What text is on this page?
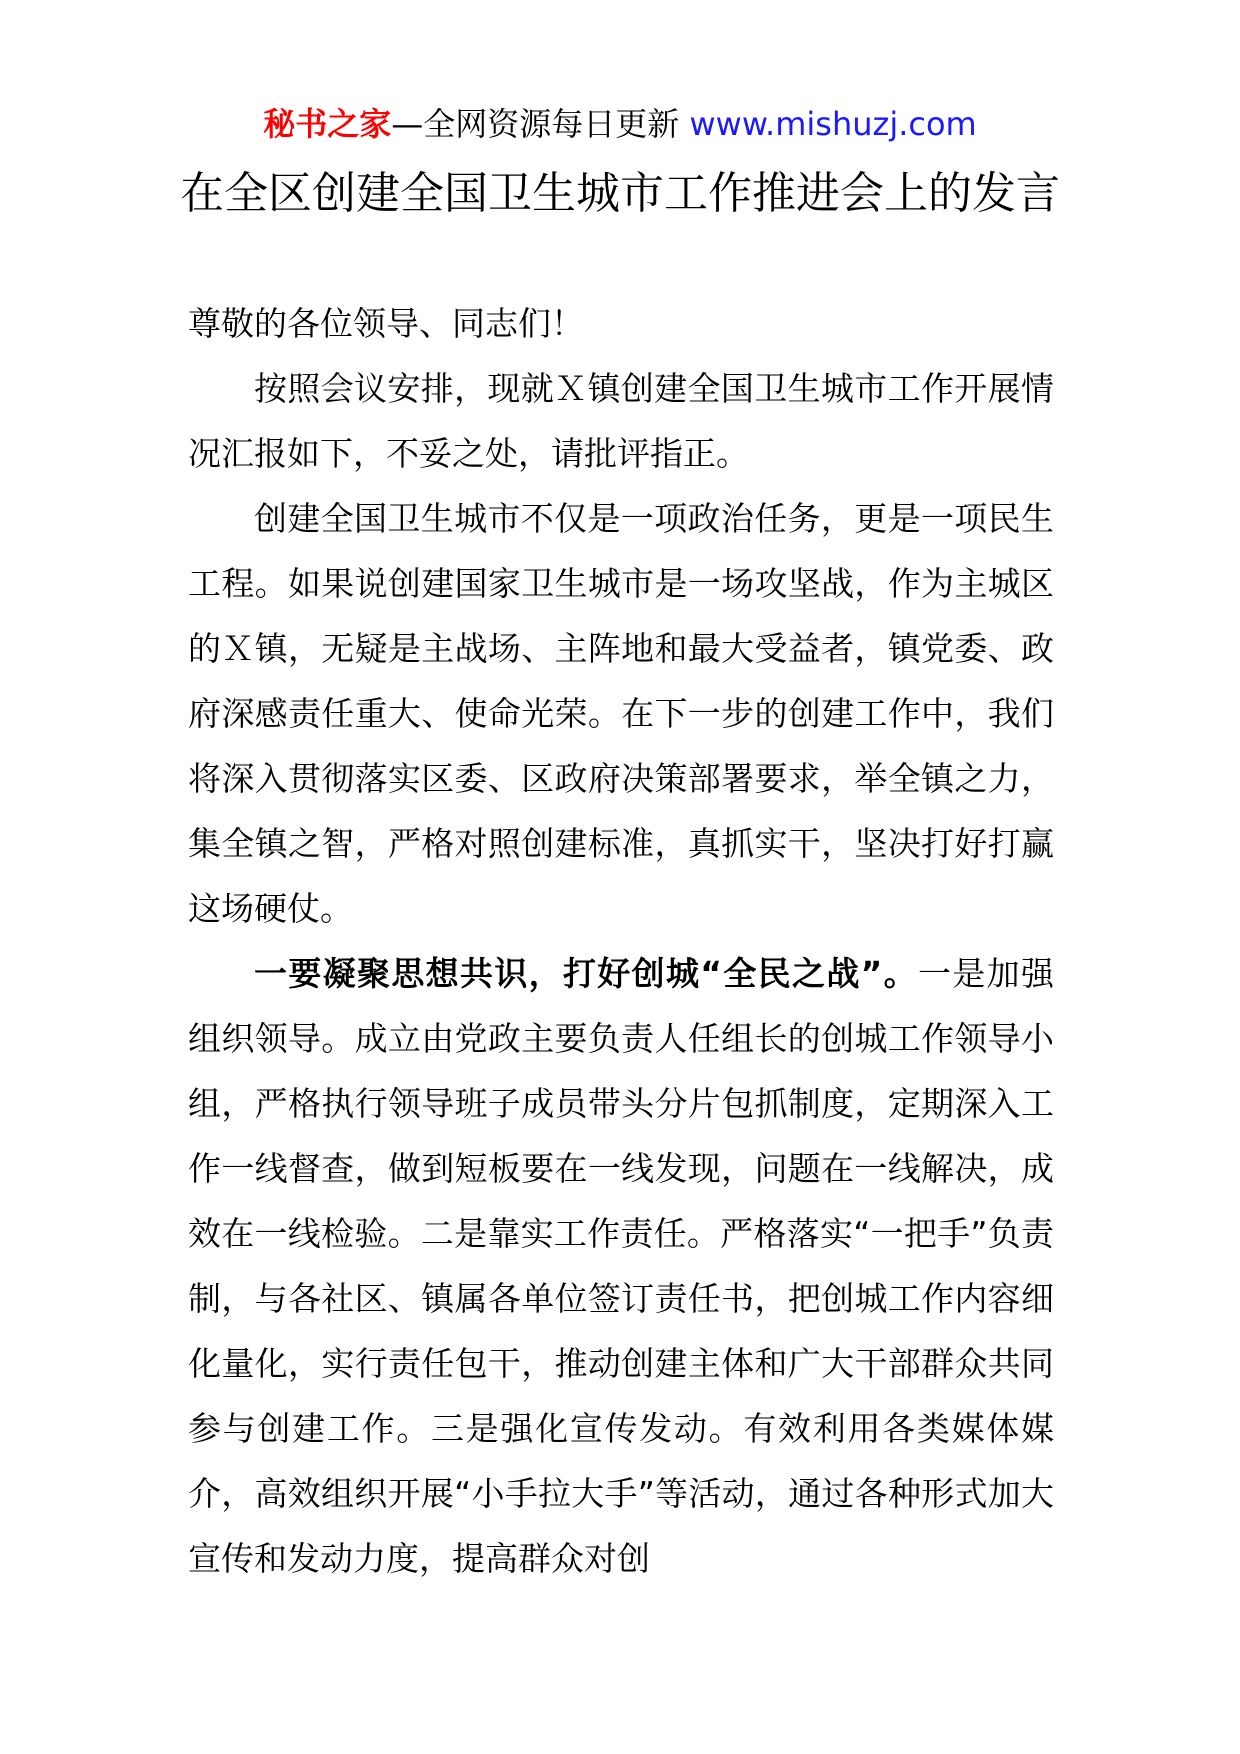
秘书之家—全网资源每日更新 www.mishuzj.com
在全区创建全国卫生城市工作推进会上的发言

尊敬的各位领导、同志们！

按照会议安排，现就Ｘ镇创建全国卫生城市工作开展情况汇报如下，不妥之处，请批评指正。

创建全国卫生城市不仅是一项政治任务，更是一项民生工程。如果说创建国家卫生城市是一场攻坚战，作为主城区的Ｘ镇，无疑是主战场、主阵地和最大受益者，镇党委、政府深感责任重大、使命光荣。在下一步的创建工作中，我们将深入贯彻落实区委、区政府决策部署要求，举全镇之力，集全镇之智，严格对照创建标准，真抓实干，坚决打好打赢这场硬仗。

一要凝聚思想共识，打好创城“全民之战”。一是加强组织领导。成立由党政主要负责人任组长的创城工作领导小组，严格执行领导班子成员带头分片包抓制度，定期深入工作一线督查，做到短板要在一线发现，问题在一线解决，成效在一线检验。二是靠实工作责任。严格落实“一把手”负责制，与各社区、镇属各单位签订责任书，把创城工作内容细化量化，实行责任包干，推动创建主体和广大干部群众共同参与创建工作。三是强化宣传发动。有效利用各类媒体媒介，高效组织开展“小手拉大手”等活动，通过各种形式加大宣传和发动力度，提高群众对创
